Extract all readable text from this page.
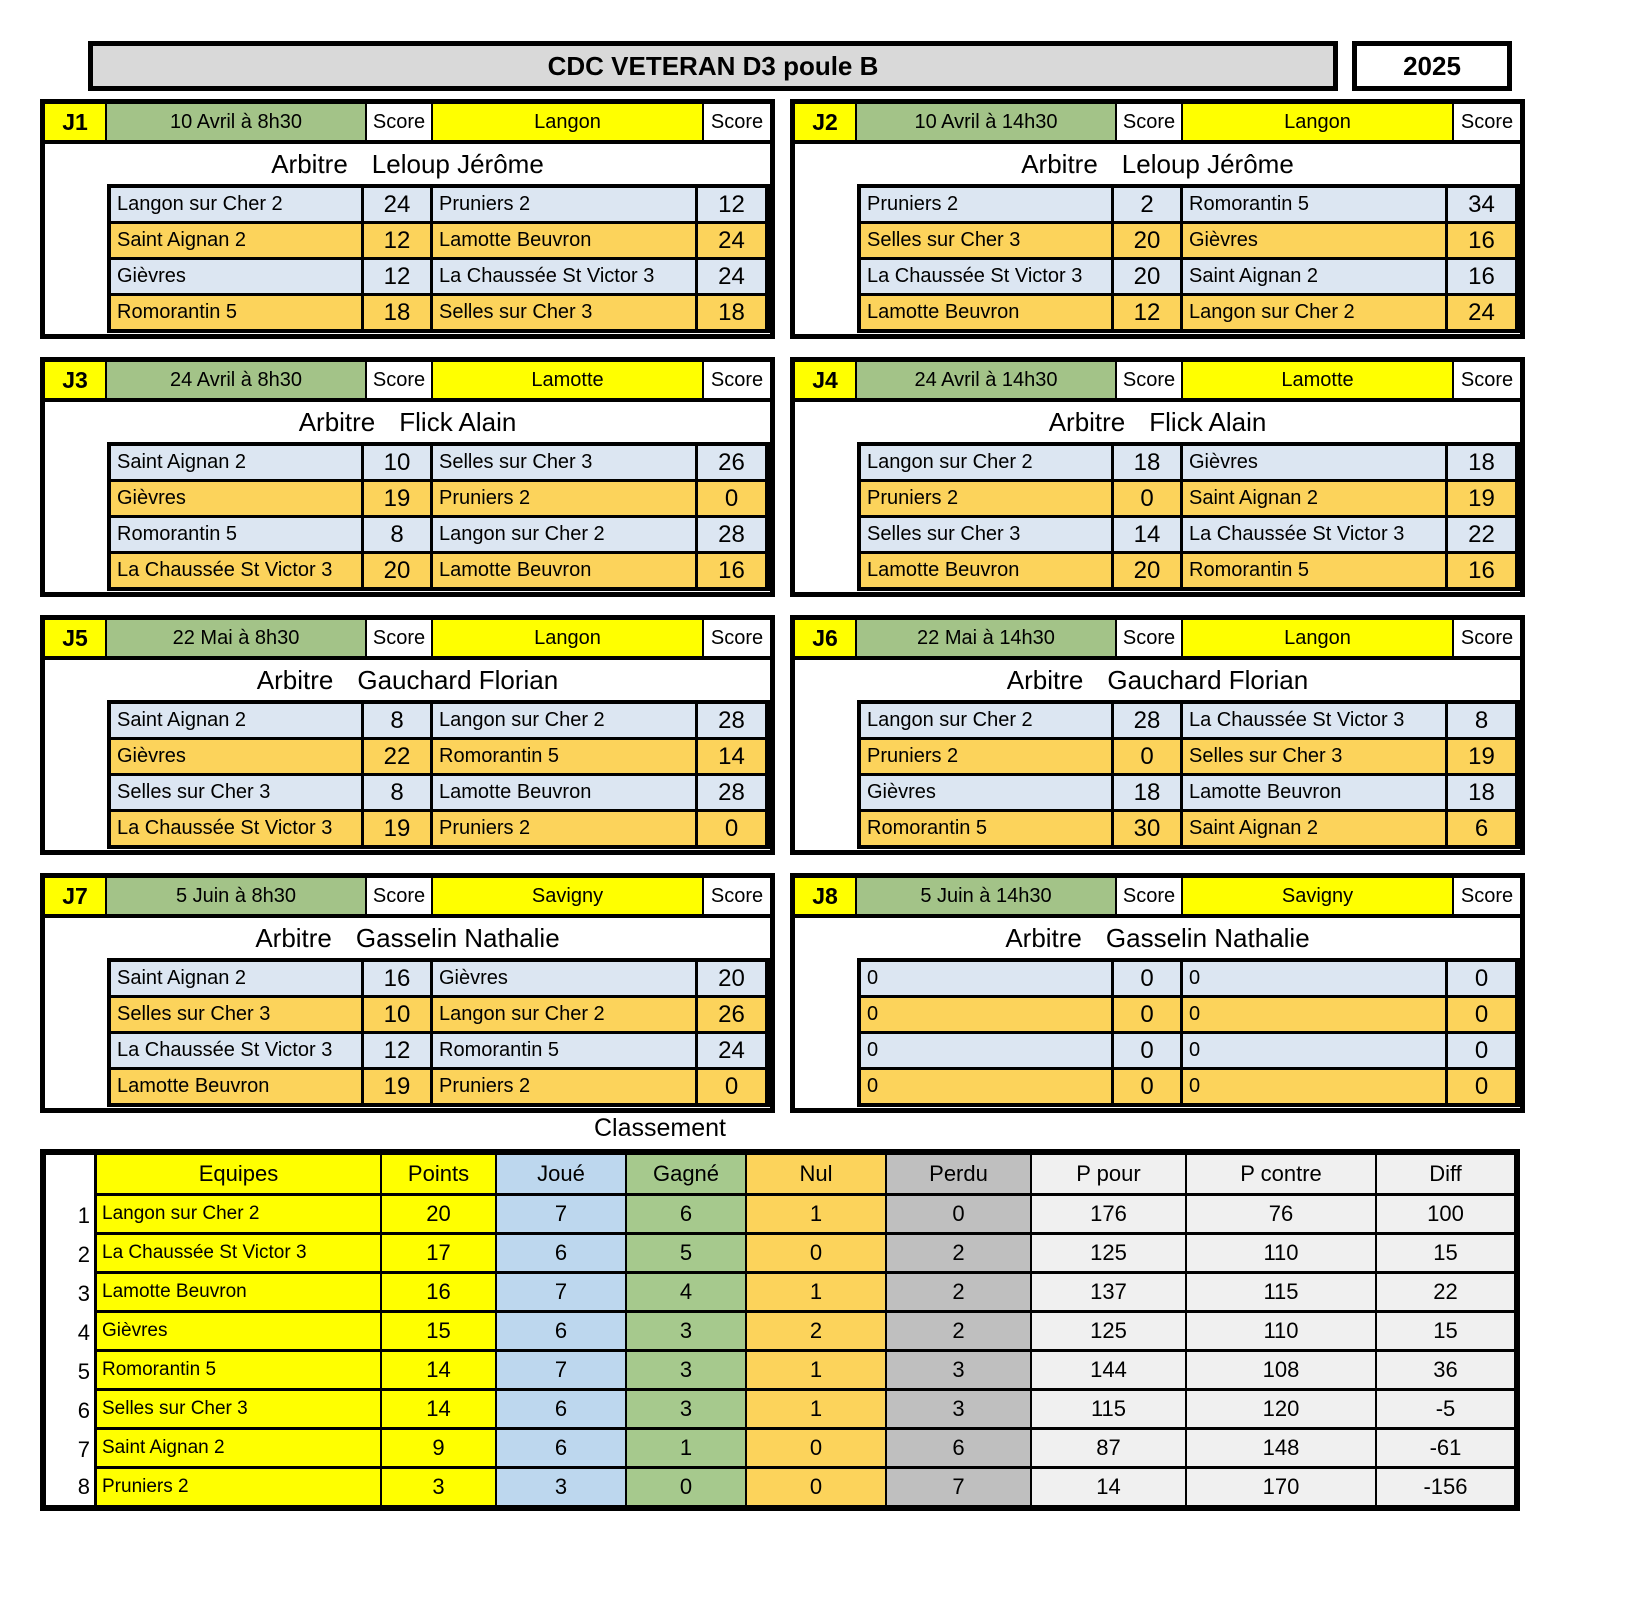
CDC VETERAN D3 poule B	2025
J1	10 Avril à 8h30	Score	Langon	Score
Arbitre Leloup Jérôme
Langon sur Cher 2	24	Pruniers 2	12
Saint Aignan 2	12	Lamotte Beuvron	24
Gièvres	12	La Chaussée St Victor 3	24
Romorantin 5	18	Selles sur Cher 3	18
J2	10 Avril à 14h30	Score	Langon	Score
Arbitre Leloup Jérôme
Pruniers 2	2	Romorantin 5	34
Selles sur Cher 3	20	Gièvres	16
La Chaussée St Victor 3	20	Saint Aignan 2	16
Lamotte Beuvron	12	Langon sur Cher 2	24
J3	24 Avril à 8h30	Score	Lamotte	Score
Arbitre Flick Alain
Saint Aignan 2	10	Selles sur Cher 3	26
Gièvres	19	Pruniers 2	0
Romorantin 5	8	Langon sur Cher 2	28
La Chaussée St Victor 3	20	Lamotte Beuvron	16
J4	24 Avril à 14h30	Score	Lamotte	Score
Arbitre Flick Alain
Langon sur Cher 2	18	Gièvres	18
Pruniers 2	0	Saint Aignan 2	19
Selles sur Cher 3	14	La Chaussée St Victor 3	22
Lamotte Beuvron	20	Romorantin 5	16
J5	22 Mai à 8h30	Score	Langon	Score
Arbitre Gauchard Florian
Saint Aignan 2	8	Langon sur Cher 2	28
Gièvres	22	Romorantin 5	14
Selles sur Cher 3	8	Lamotte Beuvron	28
La Chaussée St Victor 3	19	Pruniers 2	0
J6	22 Mai à 14h30	Score	Langon	Score
Arbitre Gauchard Florian
Langon sur Cher 2	28	La Chaussée St Victor 3	8
Pruniers 2	0	Selles sur Cher 3	19
Gièvres	18	Lamotte Beuvron	18
Romorantin 5	30	Saint Aignan 2	6
J7	5 Juin à 8h30	Score	Savigny	Score
Arbitre Gasselin Nathalie
Saint Aignan 2	16	Gièvres	20
Selles sur Cher 3	10	Langon sur Cher 2	26
La Chaussée St Victor 3	12	Romorantin 5	24
Lamotte Beuvron	19	Pruniers 2	0
J8	5 Juin à 14h30	Score	Savigny	Score
Arbitre Gasselin Nathalie
0	0	0	0
0	0	0	0
0	0	0	0
0	0	0	0
Classement
Equipes	Points	Joué	Gagné	Nul	Perdu	P pour	P contre	Diff
1 Langon sur Cher 2	20	7	6	1	0	176	76	100
2 La Chaussée St Victor 3	17	6	5	0	2	125	110	15
3 Lamotte Beuvron	16	7	4	1	2	137	115	22
4 Gièvres	15	6	3	2	2	125	110	15
5 Romorantin 5	14	7	3	1	3	144	108	36
6 Selles sur Cher 3	14	6	3	1	3	115	120	-5
7 Saint Aignan 2	9	6	1	0	6	87	148	-61
8 Pruniers 2	3	3	0	0	7	14	170	-156
